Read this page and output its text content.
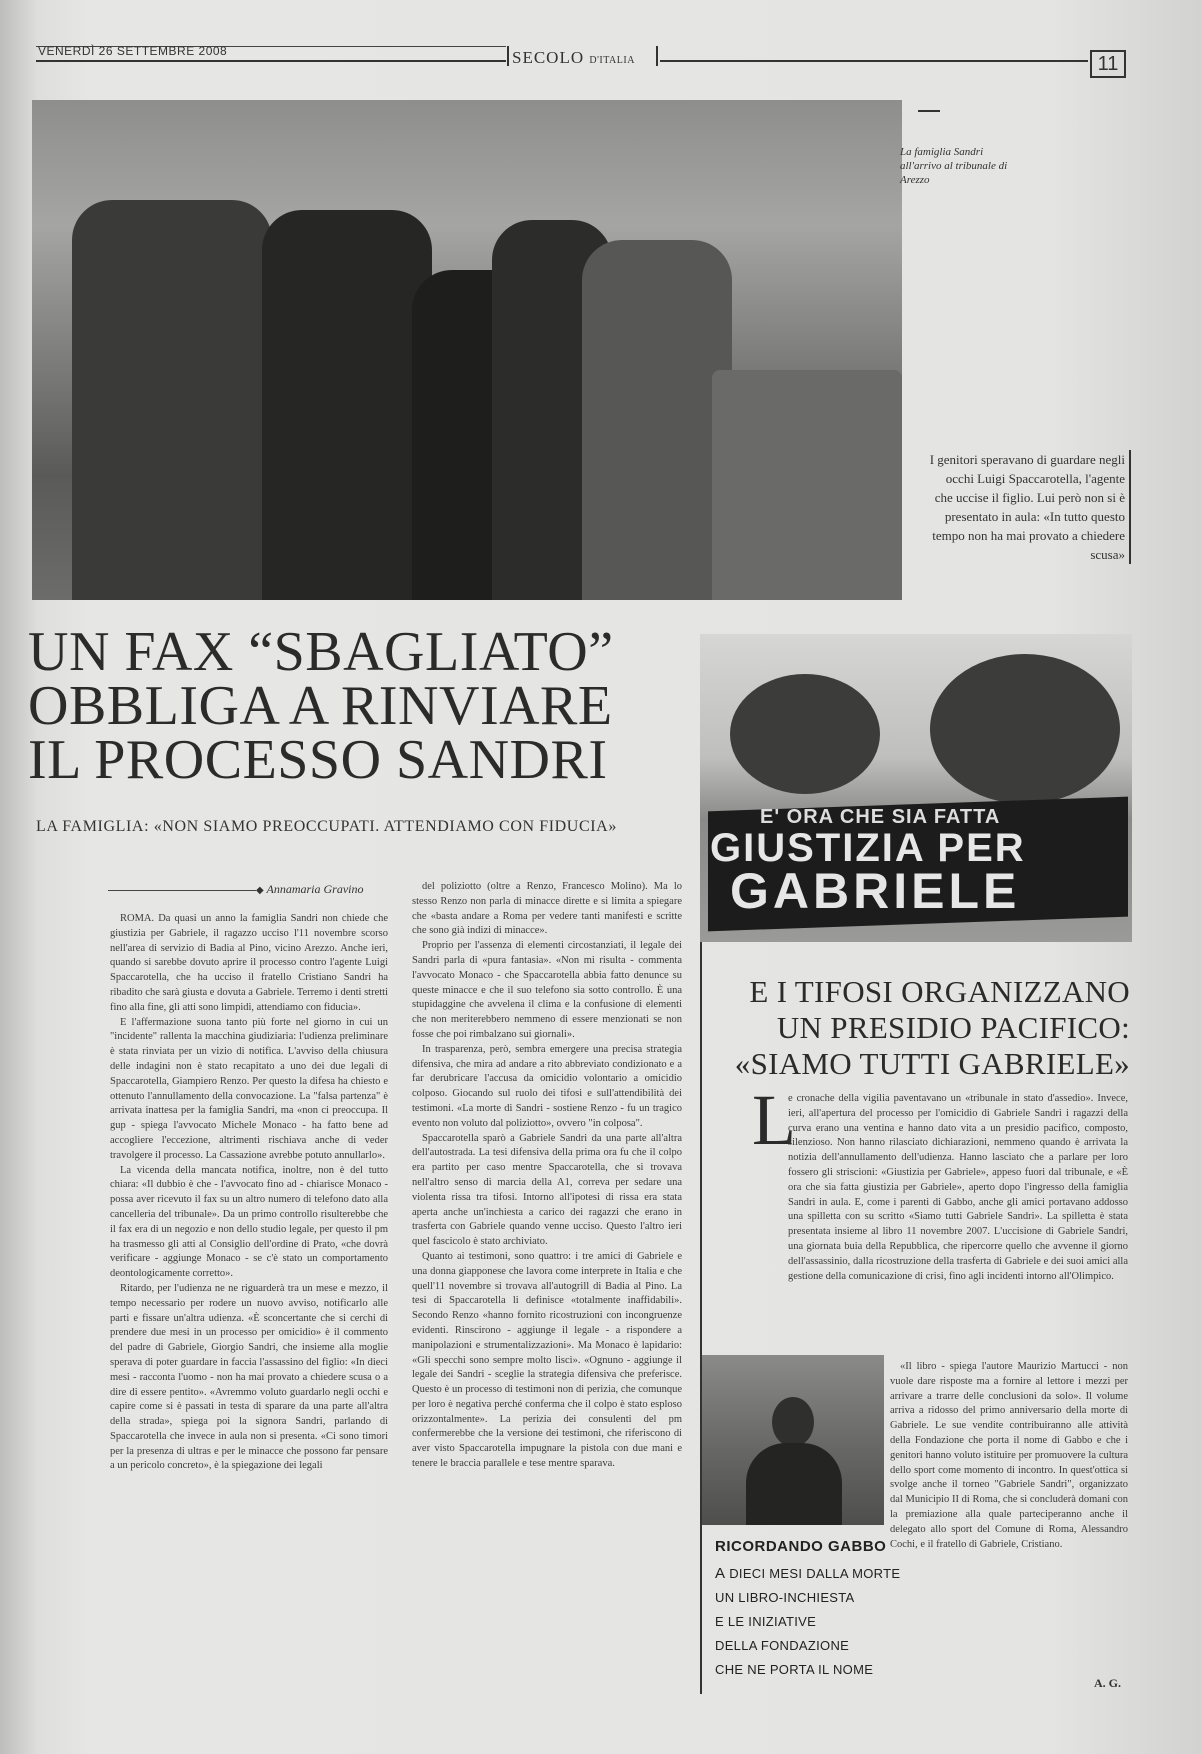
VENERDÌ 26 SETTEMBRE 2008	SECOLO D'ITALIA	11
La famiglia Sandri all'arrivo al tribunale di Arezzo
I genitori speravano di guardare negli occhi Luigi Spaccarotella, l'agente che uccise il figlio. Lui però non si è presentato in aula: «In tutto questo tempo non ha mai provato a chiedere scusa»
UN FAX “SBAGLIATO”
OBBLIGA A RINVIARE
IL PROCESSO SANDRI
LA FAMIGLIA: «NON SIAMO PREOCCUPATI. ATTENDIAMO CON FIDUCIA»
◆ Annamaria Gravino

ROMA. Da quasi un anno la famiglia Sandri non chiede che giustizia per Gabriele, il ragazzo ucciso l'11 novembre scorso nell'area di servizio di Badia al Pino, vicino Arezzo. Anche ieri, quando si sarebbe dovuto aprire il processo contro l'agente Luigi Spaccarotella, che ha ucciso il fratello Cristiano Sandri ha ribadito che sarà giusta e dovuta a Gabriele. Terremo i denti stretti fino alla fine, gli atti sono limpidi, attendiamo con fiducia».

E l'affermazione suona tanto più forte nel giorno in cui un "incidente" rallenta la macchina giudiziaria: l'udienza preliminare è stata rinviata per un vizio di notifica. L'avviso della chiusura delle indagini non è stato recapitato a uno dei due legali di Spaccarotella, Giampiero Renzo. Per questo la difesa ha chiesto e ottenuto l'annullamento della convocazione. La "falsa partenza" è arrivata inattesa per la famiglia Sandri, ma «non ci preoccupa. Il gup - spiega l'avvocato Michele Monaco - ha fatto bene ad accogliere l'eccezione, altrimenti rischiava anche di veder travolgere il processo. La Cassazione avrebbe potuto annullarlo».

La vicenda della mancata notifica, inoltre, non è del tutto chiara: «Il dubbio è che - l'avvocato fino ad - chiarisce Monaco - possa aver ricevuto il fax su un altro numero di telefono dato alla cancelleria del tribunale». Da un primo controllo risulterebbe che il fax era di un negozio e non dello studio legale, per questo il pm ha trasmesso gli atti al Consiglio dell'ordine di Prato, «che dovrà verificare - aggiunge Monaco - se c'è stato un comportamento deontologicamente corretto».

Ritardo, per l'udienza ne ne riguarderà tra un mese e mezzo, il tempo necessario per rodere un nuovo avviso, notificarlo alle parti e fissare un'altra udienza. «È sconcertante che si cerchi di prendere due mesi in un processo per omicidio» è il commento del padre di Gabriele, Giorgio Sandri, che insieme alla moglie sperava di poter guardare in faccia l'assassino del figlio: «In dieci mesi - racconta l'uomo - non ha mai provato a chiedere scusa o a dire di essere pentito». «Avremmo voluto guardarlo negli occhi e capire come si è passati in testa di sparare da una parte all'altra della strada», spiega poi la signora Sandri, parlando di Spaccarotella che invece in aula non si presenta. «Ci sono timori per la presenza di ultras e per le minacce che possono far pensare a un pericolo concreto», è la spiegazione dei legali

del poliziotto (oltre a Renzo, Francesco Molino). Ma lo stesso Renzo non parla di minacce dirette e si limita a spiegare che «basta andare a Roma per vedere tanti manifesti e scritte che sono già indizi di minacce».

Proprio per l'assenza di elementi circostanziati, il legale dei Sandri parla di «pura fantasia». «Non mi risulta - commenta l'avvocato Monaco - che Spaccarotella abbia fatto denunce su queste minacce e che il suo telefono sia sotto controllo. È una stupidaggine che avvelena il clima e la confusione di elementi che non meriterebbero nemmeno di essere menzionati se non fosse che poi rimbalzano sui giornali».

In trasparenza, però, sembra emergere una precisa strategia difensiva, che mira ad andare a rito abbreviato condizionato e a far derubricare l'accusa da omicidio volontario a omicidio colposo. Giocando sul ruolo dei tifosi e sull'attendibilità dei testimoni. «La morte di Sandri - sostiene Renzo - fu un tragico evento non voluto dal poliziotto», ovvero "in colposa".

Spaccarotella sparò a Gabriele Sandri da una parte all'altra dell'autostrada. La tesi difensiva della prima ora fu che il colpo era partito per caso mentre Spaccarotella, che si trovava nell'altro senso di marcia della A1, correva per sedare una violenta rissa tra tifosi. Intorno all'ipotesi di rissa era stata aperta anche un'inchiesta a carico dei ragazzi che erano in trasferta con Gabriele quando venne ucciso. Questo l'altro ieri quel fascicolo è stato archiviato.

Quanto ai testimoni, sono quattro: i tre amici di Gabriele e una donna giapponese che lavora come interprete in Italia e che quell'11 novembre si trovava all'autogrill di Badia al Pino. La tesi di Spaccarotella li definisce «totalmente inaffidabili». Secondo Renzo «hanno fornito ricostruzioni con incongruenze evidenti. Rinscirono - aggiunge il legale - a rispondere a manipolazioni e strumentalizzazioni». Ma Monaco è lapidario: «Gli specchi sono sempre molto lisci». «Ognuno - aggiunge il legale dei Sandri - sceglie la strategia difensiva che preferisce. Questo è un processo di testimoni non di perizia, che comunque per loro è negativa perché conferma che il colpo è stato esploso orizzontalmente». La perizia dei consulenti del pm confermerebbe che la versione dei testimoni, che riferiscono di aver visto Spaccarotella impugnare la pistola con due mani e tenere le braccia parallele e tese mentre sparava.

E' ORA CHE SIA FATTA
GIUSTIZIA PER
GABRIELE
E I TIFOSI ORGANIZZANO
UN PRESIDIO PACIFICO:
«SIAMO TUTTI GABRIELE»
L

e cronache della vigilia paventavano un «tribunale in stato d'assedio». Invece, ieri, all'apertura del processo per l'omicidio di Gabriele Sandri i ragazzi della curva erano una ventina e hanno dato vita a un presidio pacifico, composto, silenzioso. Non hanno rilasciato dichiarazioni, nemmeno quando è arrivata la notizia dell'annullamento dell'udienza. Hanno lasciato che a parlare per loro fossero gli striscioni: «Giustizia per Gabriele», appeso fuori dal tribunale, e «È ora che sia fatta giustizia per Gabriele», aperto dopo l'ingresso della famiglia Sandri in aula. E, come i parenti di Gabbo, anche gli amici portavano addosso una spilletta con su scritto «Siamo tutti Gabriele Sandri». La spilletta è stata presentata insieme al libro 11 novembre 2007. L'uccisione di Gabriele Sandri, una giornata buia della Repubblica, che ripercorre quello che avvenne il giorno dell'assassinio, dalla ricostruzione della trasferta di Gabriele e dei suoi amici alla gestione della comunicazione di crisi, fino agli incidenti intorno all'Olimpico.

«Il libro - spiega l'autore Maurizio Martucci - non vuole dare risposte ma a fornire al lettore i mezzi per arrivare a trarre delle conclusioni da solo». Il volume arriva a ridosso del primo anniversario della morte di Gabriele. Le sue vendite contribuiranno alle attività della Fondazione che porta il nome di Gabbo e che i genitori hanno voluto istituire per promuovere la cultura dello sport come momento di incontro. In quest'ottica si svolge anche il torneo "Gabriele Sandri", organizzato dal Municipio II di Roma, che si concluderà domani con la premiazione alla quale parteciperanno anche il delegato allo sport del Comune di Roma, Alessandro Cochi, e il fratello di Gabriele, Cristiano.

A. G.
RICORDANDO GABBO
A DIECI MESI DALLA MORTE
UN LIBRO-INCHIESTA
E LE INIZIATIVE
DELLA FONDAZIONE
CHE NE PORTA IL NOME
